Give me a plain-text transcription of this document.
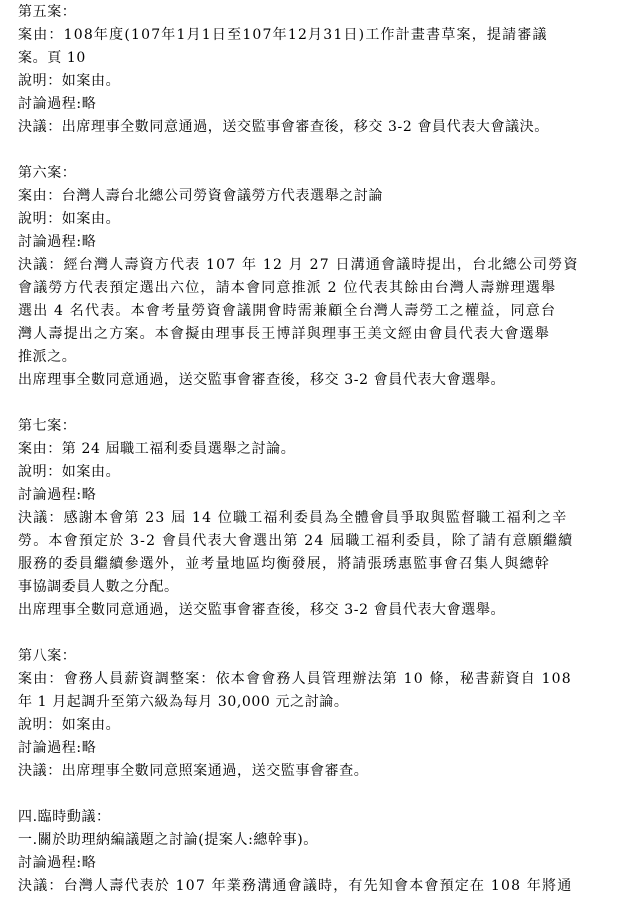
第五案：
案由：108年度(107年1月1日至107年12月31日)工作計畫書草案，提請審議
案。頁 10
說明：如案由。
討論過程:略
決議：出席理事全數同意通過，送交監事會審查後，移交 3-2 會員代表大會議決。
第六案：
案由：台灣人壽台北總公司勞資會議勞方代表選舉之討論
說明：如案由。
討論過程:略
決議：經台灣人壽資方代表 107 年 12 月 27 日溝通會議時提出，台北總公司勞資
會議勞方代表預定選出六位，請本會同意推派 2 位代表其餘由台灣人壽辦理選舉
選出 4 名代表。本會考量勞資會議開會時需兼顧全台灣人壽勞工之權益，同意台
灣人壽提出之方案。本會擬由理事長王博詳與理事王美文經由會員代表大會選舉
推派之。
出席理事全數同意通過，送交監事會審查後，移交 3-2 會員代表大會選舉。
第七案：
案由：第 24 屆職工福利委員選舉之討論。
說明：如案由。
討論過程:略
決議：感謝本會第 23 屆 14 位職工福利委員為全體會員爭取與監督職工福利之辛
勞。本會預定於 3-2 會員代表大會選出第 24 屆職工福利委員，除了請有意願繼續
服務的委員繼續參選外，並考量地區均衡發展，將請張琇惠監事會召集人與總幹
事協調委員人數之分配。
出席理事全數同意通過，送交監事會審查後，移交 3-2 會員代表大會選舉。
第八案：
案由：會務人員薪資調整案：依本會會務人員管理辦法第 10 條，秘書薪資自 108
年 1 月起調升至第六級為每月 30,000 元之討論。
說明：如案由。
討論過程:略
決議：出席理事全數同意照案通過，送交監事會審查。
四.臨時動議：
一.關於助理納編議題之討論(提案人:總幹事)。
討論過程:略
決議：台灣人壽代表於 107 年業務溝通會議時，有先知會本會預定在 108 年將通
